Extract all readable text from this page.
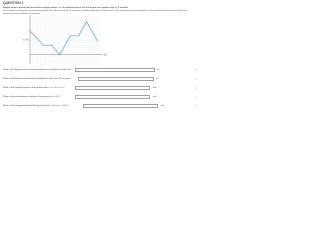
QUESTION 1

Supply what is asked with the correct integer values, i.e. no decimal places. Do not forget the negative sign (-) if needed.

The position vs time graph of a moving particle for a time interval of 25 seconds is shown below. Each square unit in the horizontal axis corresponds to one second and each square unit in the vertical axis corresponds to one meter.

x (m)
t (s)
What is the displacement of the particle for the period 25 seconds? Δx =	m	✓
What is the distance traveled by the particle for the entire 25 seconds?	m	✓
What is the average speed of the particle from t = 0 s to t = 5 s?	m/s	✓
What is the instantaneous velocity of the particle at t = 9 s?	m/s	✓
What is the average velocity of the particle from t = 11 s to t = 18 s?	m/s	✓
